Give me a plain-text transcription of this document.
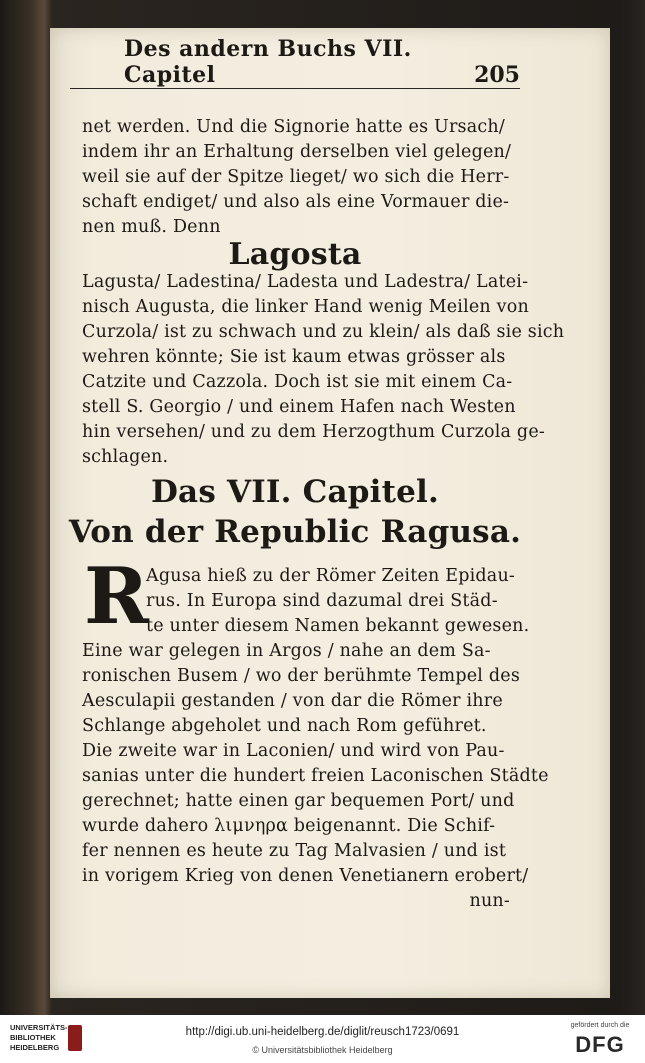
Des andern Buchs VII. Capitel	205
net werden. Und die Signorie hatte es Ursach/
indem ihr an Erhaltung derselben viel gelegen/
weil sie auf der Spitze lieget/ wo sich die Herr-
schaft endiget/ und also als eine Vormauer die-
nen muß. Denn
Lagosta
Lagusta/ Ladestina/ Ladesta und Ladestra/ Latei-
nisch Augusta, die linker Hand wenig Meilen von
Curzola/ ist zu schwach und zu klein/ als daß sie sich
wehren könnte; Sie ist kaum etwas grösser als
Catzite und Cazzola. Doch ist sie mit einem Ca-
stell S. Georgio / und einem Hafen nach Westen
hin versehen/ und zu dem Herzogthum Curzola ge-
schlagen.
Das VII. Capitel.
Von der Republic Ragusa.
R
Agusa hieß zu der Römer Zeiten Epidau-
rus. In Europa sind dazumal drei Städ-
te unter diesem Namen bekannt gewesen.
Eine war gelegen in Argos / nahe an dem Sa-
ronischen Busem / wo der berühmte Tempel des
Aesculapii gestanden / von dar die Römer ihre
Schlange abgeholet und nach Rom geführet.
Die zweite war in Laconien/ und wird von Pau-
sanias unter die hundert freien Laconischen Städte
gerechnet; hatte einen gar bequemen Port/ und
wurde dahero λιμνηρα beigenannt. Die Schif-
fer nennen es heute zu Tag Malvasien / und ist
in vorigem Krieg von denen Venetianern erobert/
nun-
UNIVERSITÄTS-
BIBLIOTHEK
HEIDELBERG
http://digi.ub.uni-heidelberg.de/diglit/reusch1723/0691
© Universitätsbibliothek Heidelberg
gefördert durch die
DFG
